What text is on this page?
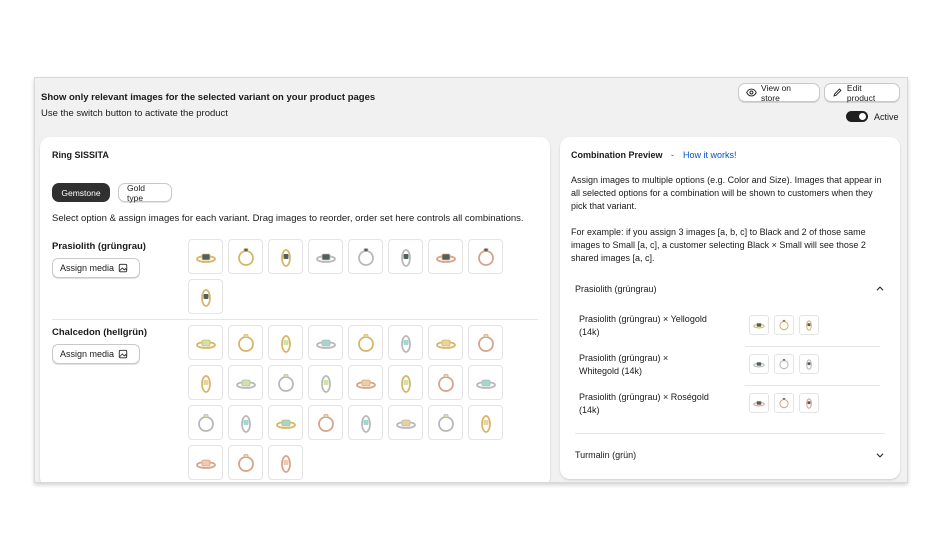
Show only relevant images for the selected variant on your product pages
Use the switch button to activate the product
View on store
Edit product
Active
Ring SISSITA
Gemstone	Gold type
Select option & assign images for each variant. Drag images to reorder, order set here controls all combinations.
Prasiolith (grüngrau)
Assign media
Chalcedon (hellgrün)
Assign media
Combination Preview - How it works!
Assign images to multiple options (e.g. Color and Size). Images that appear in all selected options for a combination will be shown to customers when they pick that variant.
For example: if you assign 3 images [a, b, c] to Black and 2 of those same images to Small [a, c], a customer selecting Black × Small will see those 2 shared images [a, c].
Prasiolith (grüngrau)
Prasiolith (grüngrau) × Yellogold (14k)
Prasiolith (grüngrau) × Whitegold (14k)
Prasiolith (grüngrau) × Roségold (14k)
Turmalin (grün)
